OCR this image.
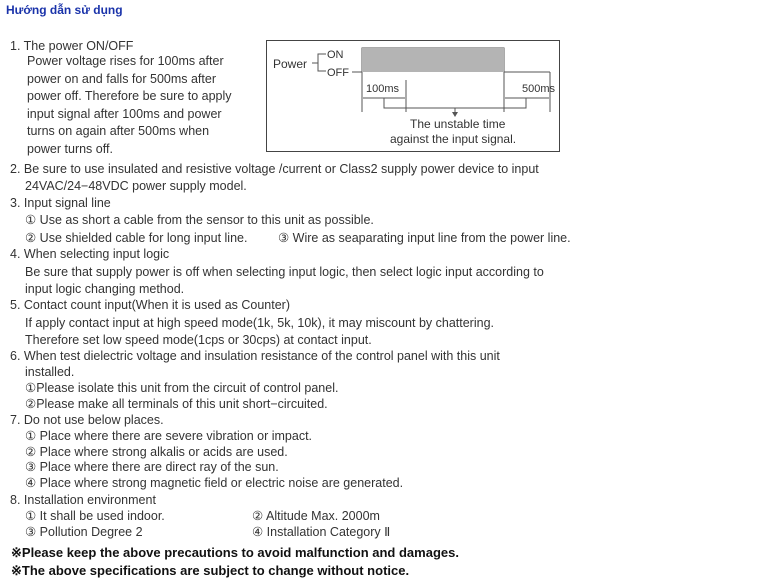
Hướng dẫn sử dụng
1. The power ON/OFF
Power voltage rises for 100ms after
power on and falls for 500ms after
power off. Therefore be sure to apply
input signal after 100ms and power
turns on again after 500ms when
power turns off.
Power
ON
OFF
100ms	500ms
The unstable time
against the input signal.
2. Be sure to use insulated and resistive voltage /current or Class2 supply power device to input
24VAC/24−48VDC power supply model.
3. Input signal line
① Use as short a cable from the sensor to this unit as possible.
② Use shielded cable for long input line. ③ Wire as seaparating input line from the power line.
4. When selecting input logic
Be sure that supply power is off when selecting input logic, then select logic input according to
input logic changing method.
5. Contact count input(When it is used as Counter)
If apply contact input at high speed mode(1k, 5k, 10k), it may miscount by chattering.
Therefore set low speed mode(1cps or 30cps) at contact input.
6. When test dielectric voltage and insulation resistance of the control panel with this unit
installed.
①Please isolate this unit from the circuit of control panel.
②Please make all terminals of this unit short−circuited.
7. Do not use below places.
① Place where there are severe vibration or impact.
② Place where strong alkalis or acids are used.
③ Place where there are direct ray of the sun.
④ Place where strong magnetic field or electric noise are generated.
8. Installation environment
① It shall be used indoor.	② Altitude Max. 2000m
③ Pollution Degree 2	④ Installation Category Ⅱ
※Please keep the above precautions to avoid malfunction and damages.
※The above specifications are subject to change without notice.
